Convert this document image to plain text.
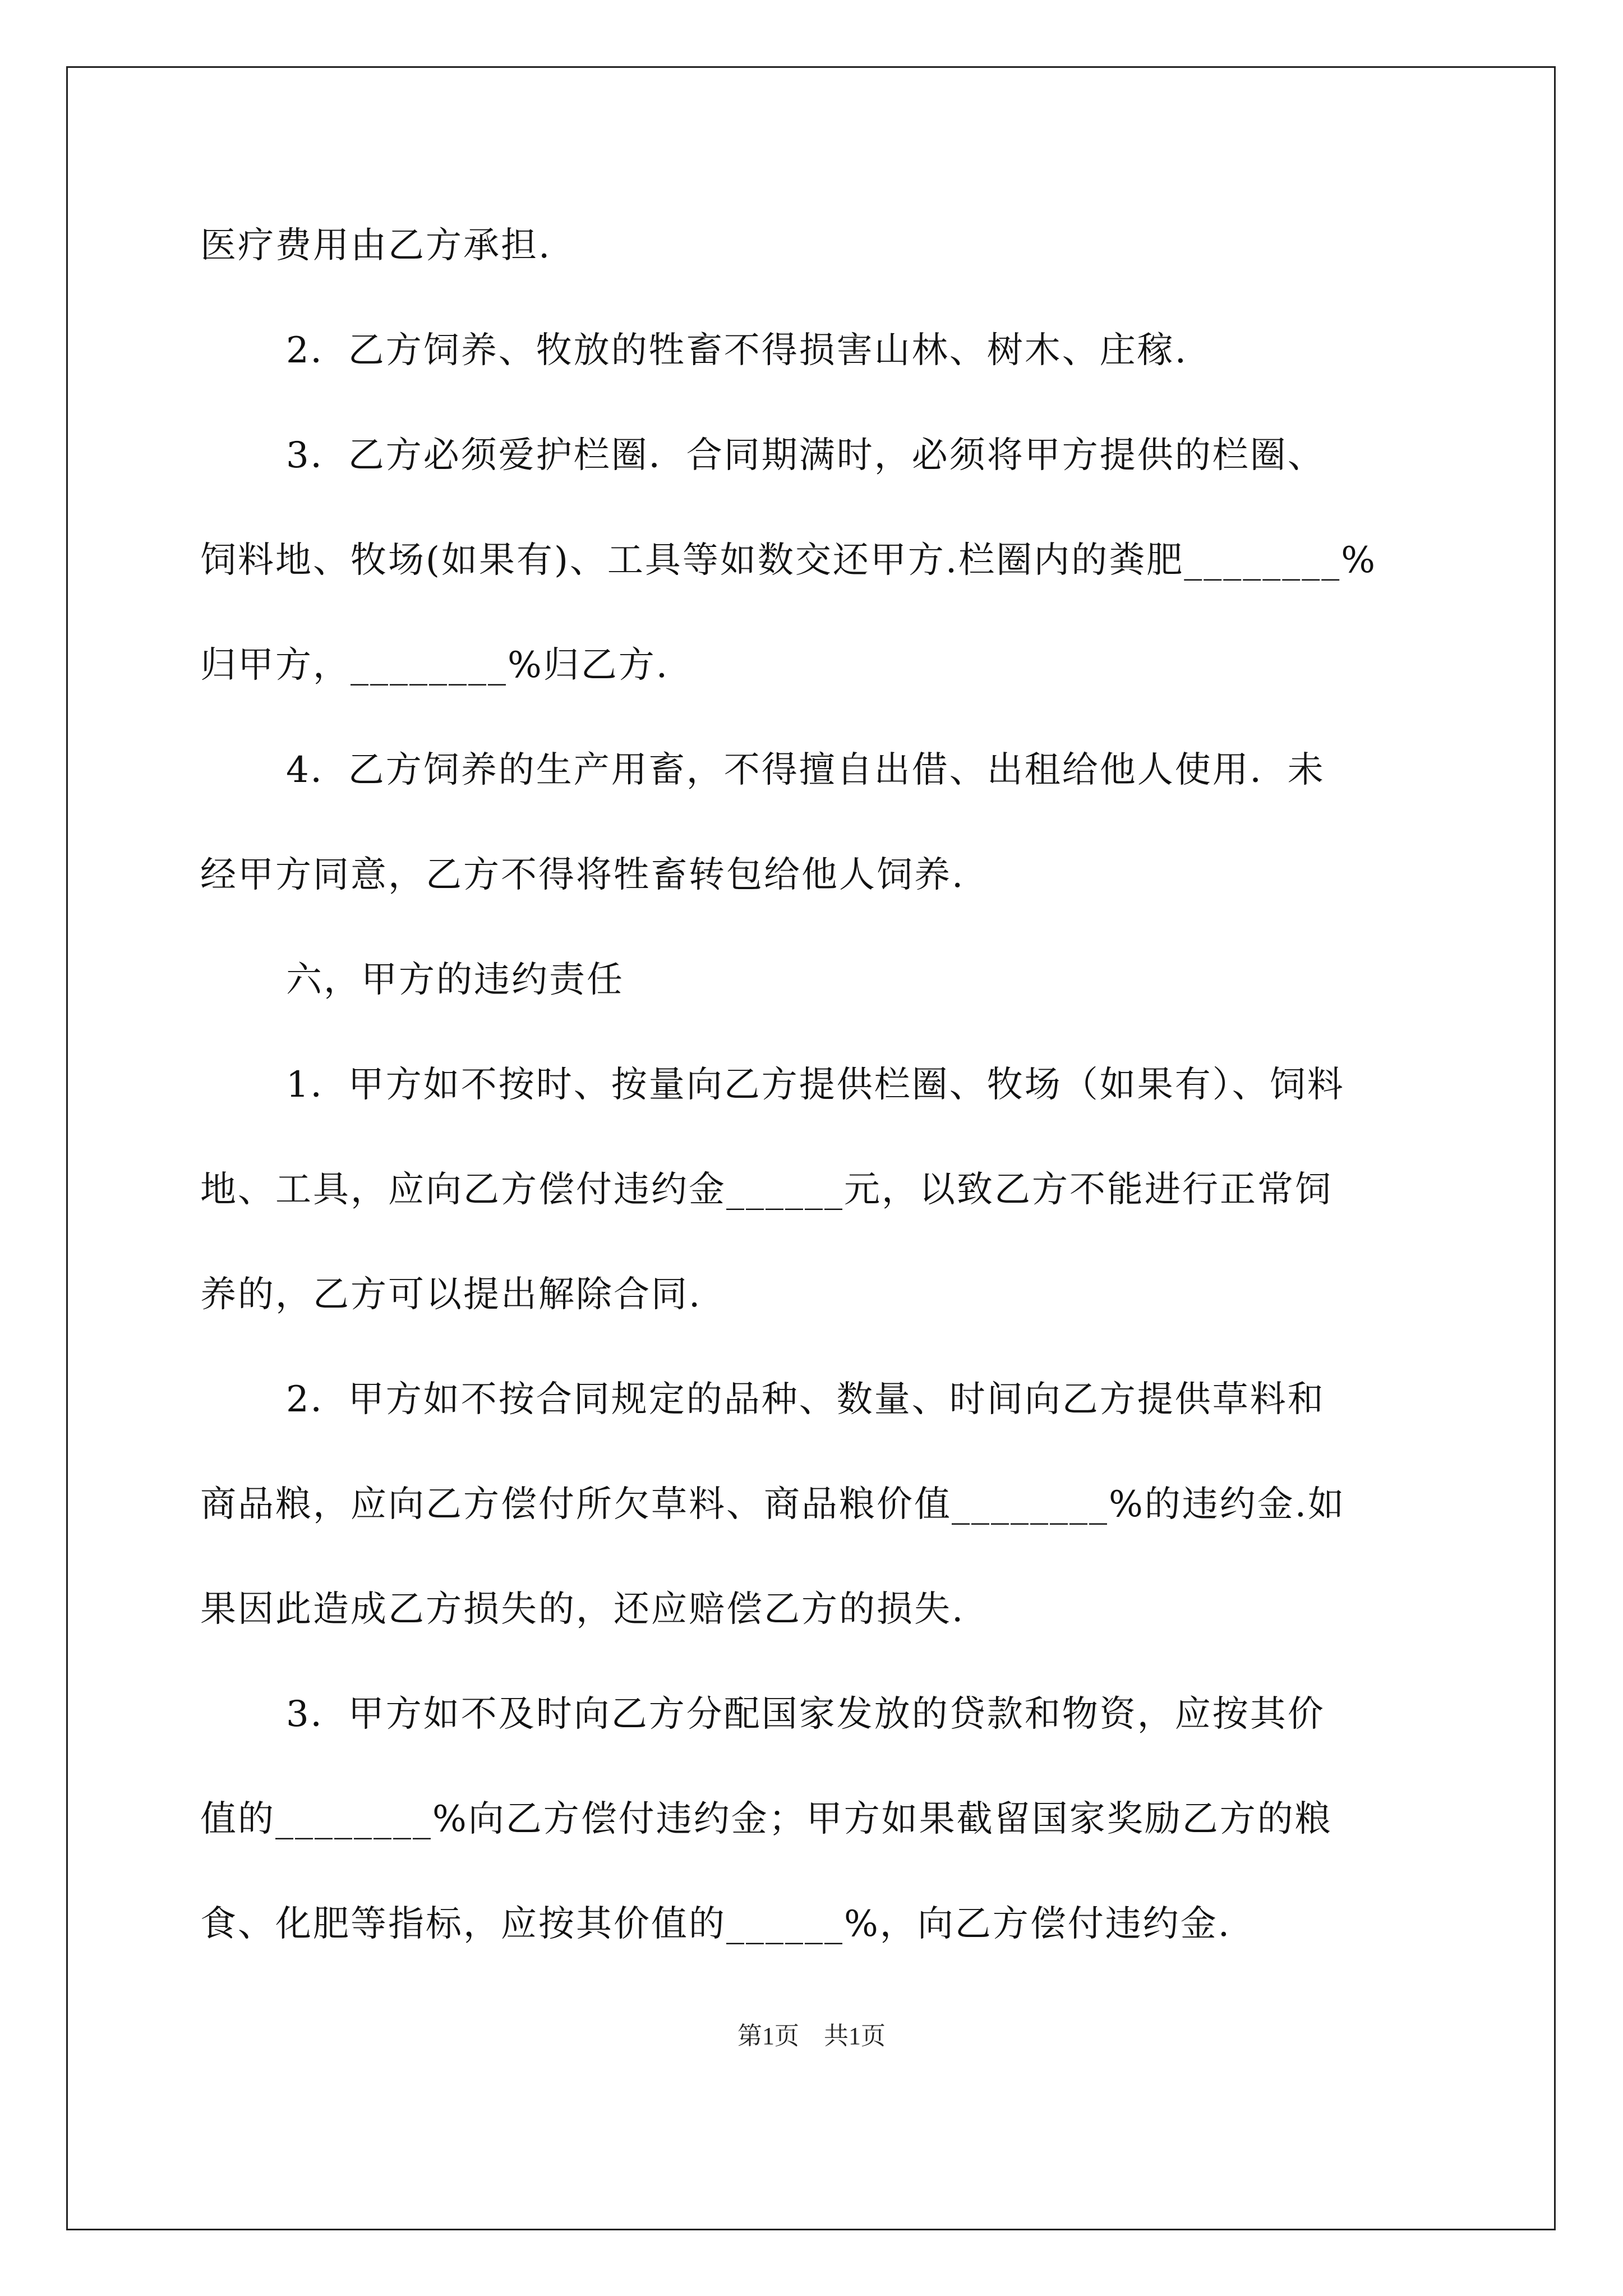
医疗费用由乙方承担.
2．乙方饲养、牧放的牲畜不得损害山林、树木、庄稼.
3．乙方必须爱护栏圈．合同期满时，必须将甲方提供的栏圈、
饲料地、牧场(如果有)、工具等如数交还甲方.栏圈内的粪肥________%
归甲方，________%归乙方.
4．乙方饲养的生产用畜，不得擅自出借、出租给他人使用．未
经甲方同意，乙方不得将牲畜转包给他人饲养.
六，甲方的违约责任
1．甲方如不按时、按量向乙方提供栏圈、牧场（如果有）、饲料
地、工具，应向乙方偿付违约金______元，以致乙方不能进行正常饲
养的，乙方可以提出解除合同.
2．甲方如不按合同规定的品种、数量、时间向乙方提供草料和
商品粮，应向乙方偿付所欠草料、商品粮价值________%的违约金.如
果因此造成乙方损失的，还应赔偿乙方的损失.
3．甲方如不及时向乙方分配国家发放的贷款和物资，应按其价
值的________%向乙方偿付违约金；甲方如果截留国家奖励乙方的粮
食、化肥等指标，应按其价值的______%，向乙方偿付违约金.
第1页　共1页
